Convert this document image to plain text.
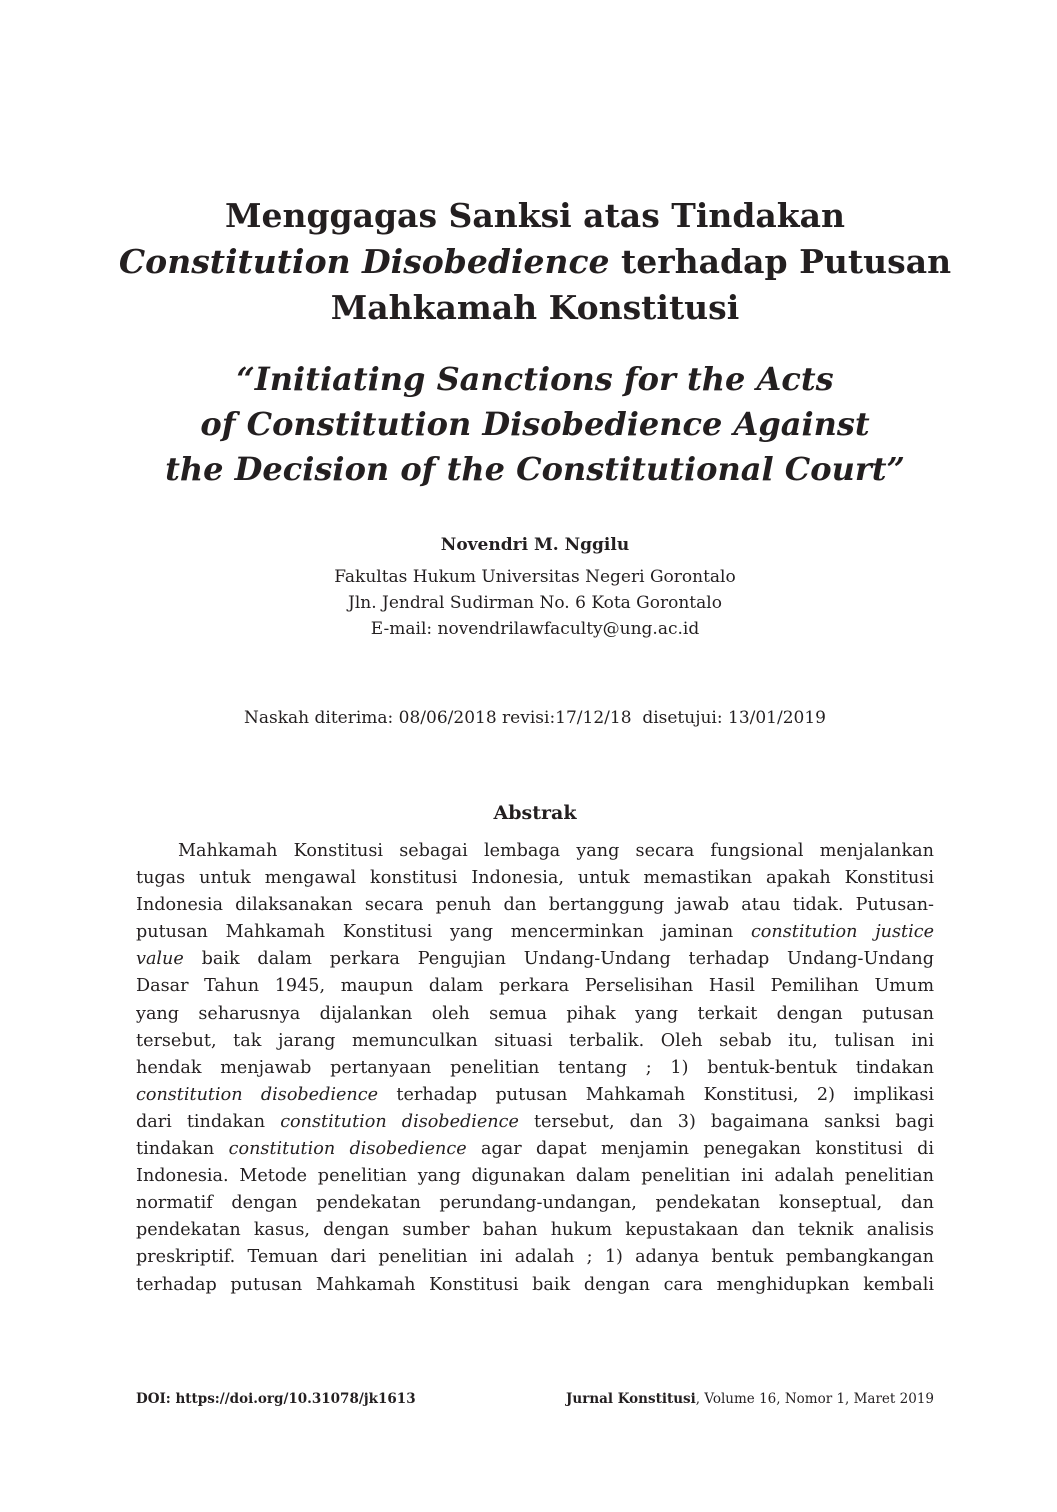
Menggagas Sanksi atas Tindakan
Constitution Disobedience terhadap Putusan
Mahkamah Konstitusi
“Initiating Sanctions for the Acts
of Constitution Disobedience Against
the Decision of the Constitutional Court”
Novendri M. Nggilu
Fakultas Hukum Universitas Negeri Gorontalo
Jln. Jendral Sudirman No. 6 Kota Gorontalo
E-mail: novendrilawfaculty@ung.ac.id
Naskah diterima: 08/06/2018 revisi:17/12/18  disetujui: 13/01/2019
Abstrak
Mahkamah Konstitusi sebagai lembaga yang secara fungsional menjalankan
tugas untuk mengawal konstitusi Indonesia, untuk memastikan apakah Konstitusi
Indonesia dilaksanakan secara penuh dan bertanggung jawab atau tidak. Putusan-
putusan Mahkamah Konstitusi yang mencerminkan jaminan constitution justice
value baik dalam perkara Pengujian Undang-Undang terhadap Undang-Undang
Dasar Tahun 1945, maupun dalam perkara Perselisihan Hasil Pemilihan Umum
yang seharusnya dijalankan oleh semua pihak yang terkait dengan putusan
tersebut, tak jarang memunculkan situasi terbalik. Oleh sebab itu, tulisan ini
hendak menjawab pertanyaan penelitian tentang ; 1) bentuk-bentuk tindakan
constitution disobedience terhadap putusan Mahkamah Konstitusi, 2) implikasi
dari tindakan constitution disobedience tersebut, dan 3) bagaimana sanksi bagi
tindakan constitution disobedience agar dapat menjamin penegakan konstitusi di
Indonesia. Metode penelitian yang digunakan dalam penelitian ini adalah penelitian
normatif dengan pendekatan perundang-undangan, pendekatan konseptual, dan
pendekatan kasus, dengan sumber bahan hukum kepustakaan dan teknik analisis
preskriptif. Temuan dari penelitian ini adalah ; 1) adanya bentuk pembangkangan
terhadap putusan Mahkamah Konstitusi baik dengan cara menghidupkan kembali
DOI: https://doi.org/10.31078/jk1613	Jurnal Konstitusi, Volume 16, Nomor 1, Maret 2019
